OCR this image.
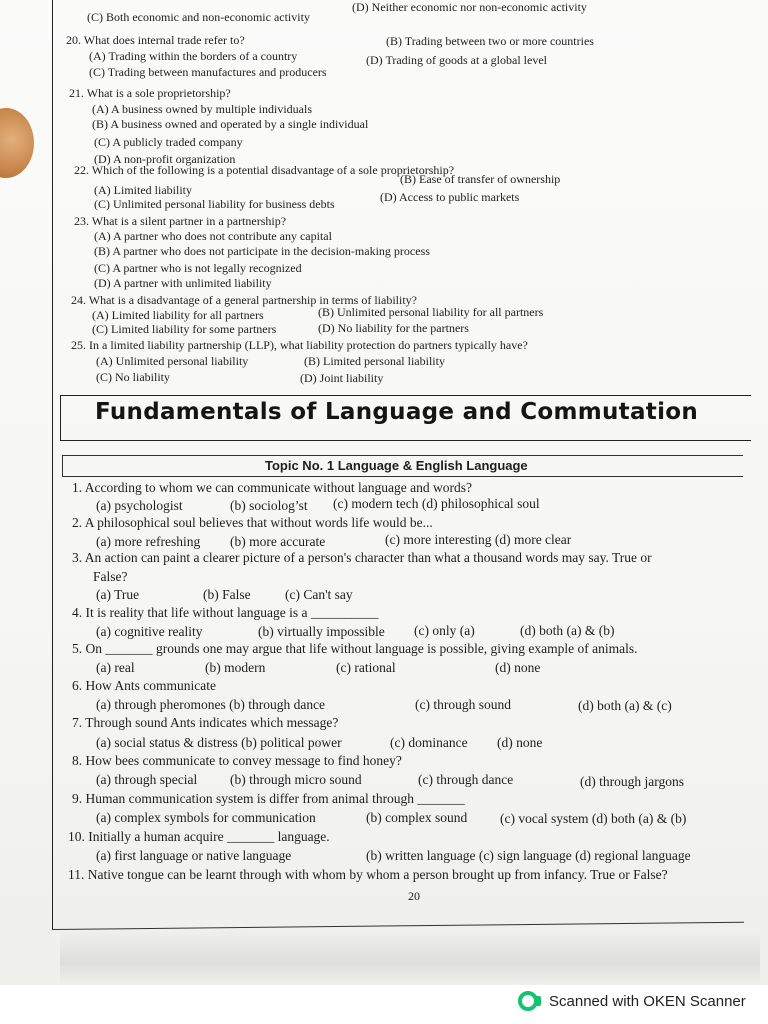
(C) Both economic and non-economic activity
(D) Neither economic nor non-economic activity
20. What does internal trade refer to?
(A) Trading within the borders of a country
(B) Trading between two or more countries
(C) Trading between manufactures and producers
(D) Trading of goods at a global level
21. What is a sole proprietorship?
(A) A business owned by multiple individuals
(B) A business owned and operated by a single individual
(C) A publicly traded company
(D) A non-profit organization
22. Which of the following is a potential disadvantage of a sole proprietorship?
(A) Limited liability
(B) Ease of transfer of ownership
(C) Unlimited personal liability for business debts	(D) Access to public markets
23. What is a silent partner in a partnership?
(A) A partner who does not contribute any capital
(B) A partner who does not participate in the decision-making process
(C) A partner who is not legally recognized
(D) A partner with unlimited liability
24. What is a disadvantage of a general partnership in terms of liability?
(A) Limited liability for all partners	(B) Unlimited personal liability for all partners
(C) Limited liability for some partners	(D) No liability for the partners
25. In a limited liability partnership (LLP), what liability protection do partners typically have?
(A) Unlimited personal liability	(B) Limited personal liability
(C) No liability	(D) Joint liability
Fundamentals of Language and Commutation
Topic No. 1 Language & English Language
1. According to whom we can communicate without language and words?
(a) psychologist	(b) sociolog’st (c) modern tech (d) philosophical soul
2. A philosophical soul believes that without words life would be...
(a) more refreshing (b) more accurate	(c) more interesting (d) more clear
3. An action can paint a clearer picture of a person's character than what a thousand words may say. True or
False?
(a) True	(b) False	(c) Can't say
4. It is reality that life without language is a __________
(a) cognitive reality	(b) virtually impossible (c) only (a)	(d) both (a) & (b)
5. On _______ grounds one may argue that life without language is possible, giving example of animals.
(a) real	(b) modern	(c) rational	(d) none
6. How Ants communicate
(a) through pheromones (b) through dance	(c) through sound	(d) both (a) & (c)
7. Through sound Ants indicates which message?
(a) social status & distress (b) political power	(c) dominance (d) none
8. How bees communicate to convey message to find honey?
(a) through special (b) through micro sound	(c) through dance	(d) through jargons
9. Human communication system is differ from animal through _______
(a) complex symbols for communication	(b) complex sound (c) vocal system (d) both (a) & (b)
10. Initially a human acquire _______ language.
(a) first language or native language	(b) written language (c) sign language (d) regional language
11. Native tongue can be learnt through with whom by whom a person brought up from infancy. True or False?
20
Scanned with OKEN Scanner
